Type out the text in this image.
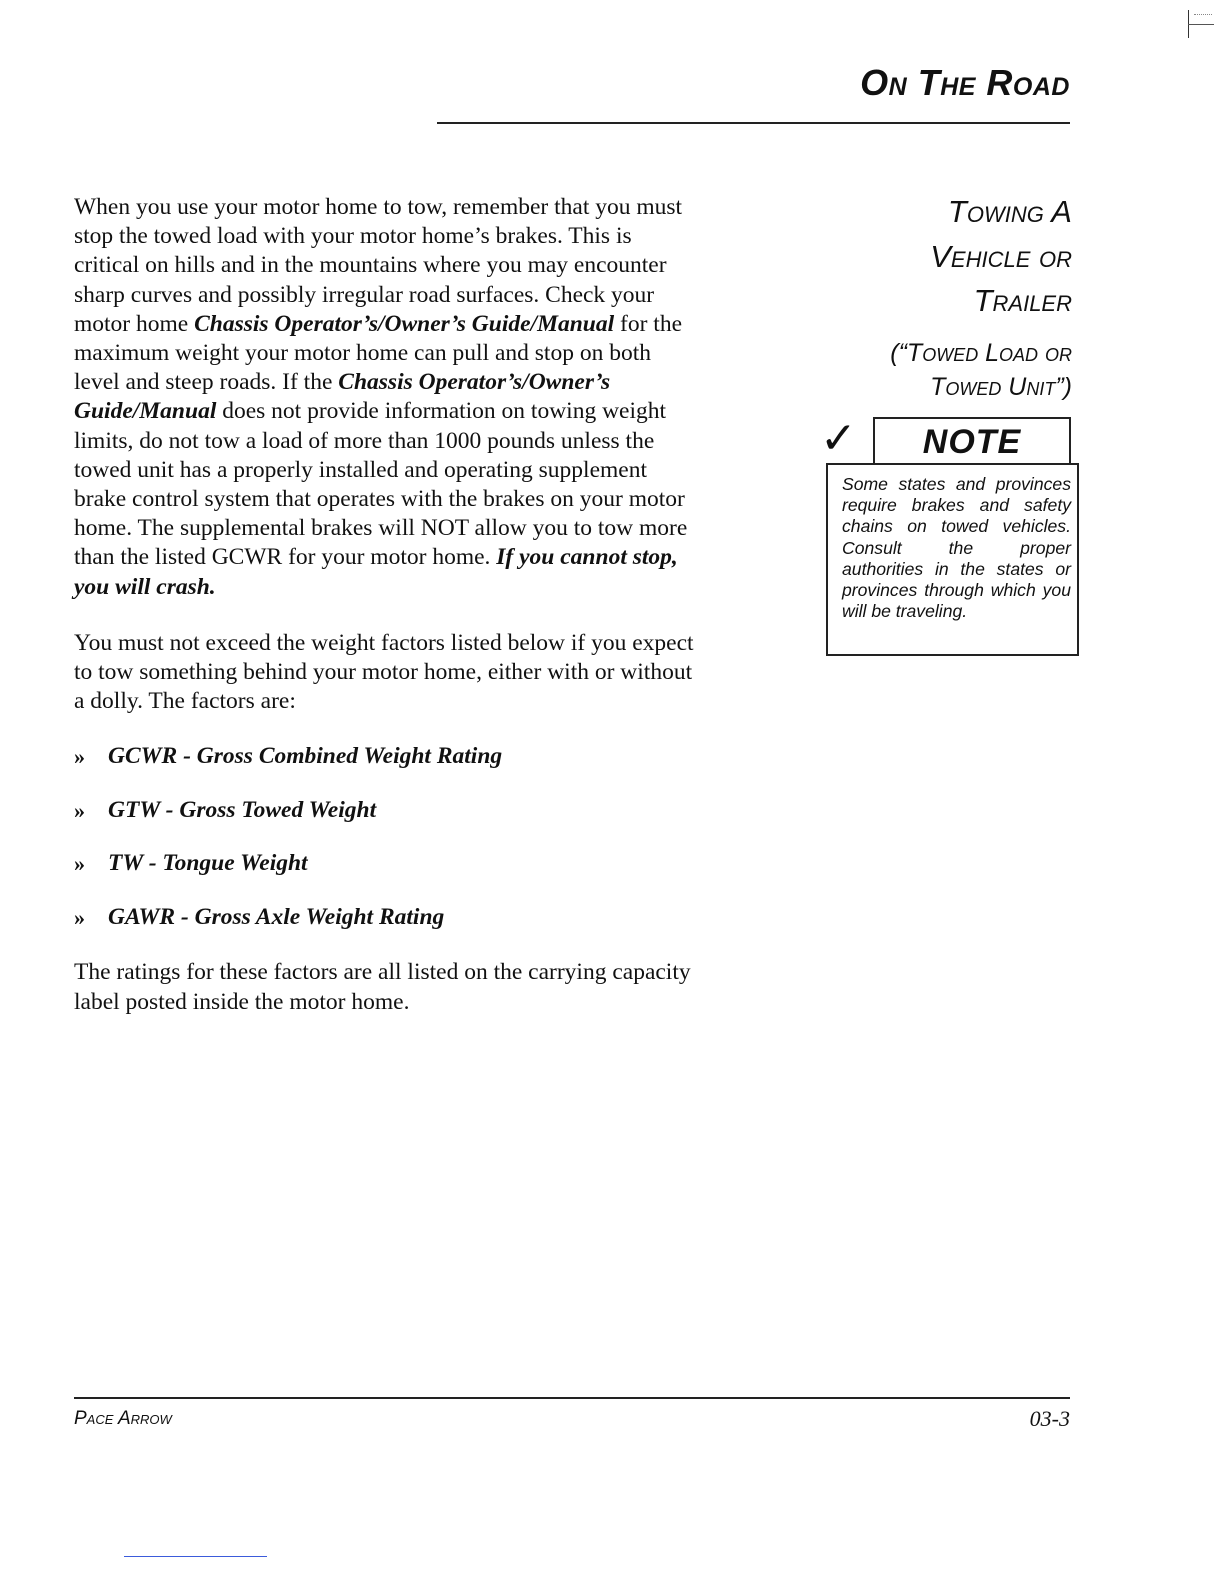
On The Road

When you use your motor home to tow, remember that you must stop the towed load with your motor home’s brakes. This is critical on hills and in the mountains where you may encounter sharp curves and possibly irregular road surfaces. Check your motor home Chassis Operator’s/Owner’s Guide/Manual for the maximum weight your motor home can pull and stop on both level and steep roads. If the Chassis Operator’s/Owner’s Guide/Manual does not provide information on towing weight limits, do not tow a load of more than 1000 pounds unless the towed unit has a properly installed and operating supplement brake control system that operates with the brakes on your motor home. The supplemental brakes will NOT allow you to tow more than the listed GCWR for your motor home. If you cannot stop, you will crash.

You must not exceed the weight factors listed below if you expect to tow something behind your motor home, either with or without a dolly. The factors are:

» GCWR - Gross Combined Weight Rating
» GTW - Gross Towed Weight
» TW - Tongue Weight
» GAWR - Gross Axle Weight Rating

The ratings for these factors are all listed on the carrying capacity label posted inside the motor home.

Towing A
Vehicle or
Trailer
(“Towed Load or
Towed Unit”)
✓	NOTE
Some states and provinces require brakes and safety chains on towed vehicles. Consult the proper authorities in the states or provinces through which you will be traveling.

Pace Arrow	03-3
